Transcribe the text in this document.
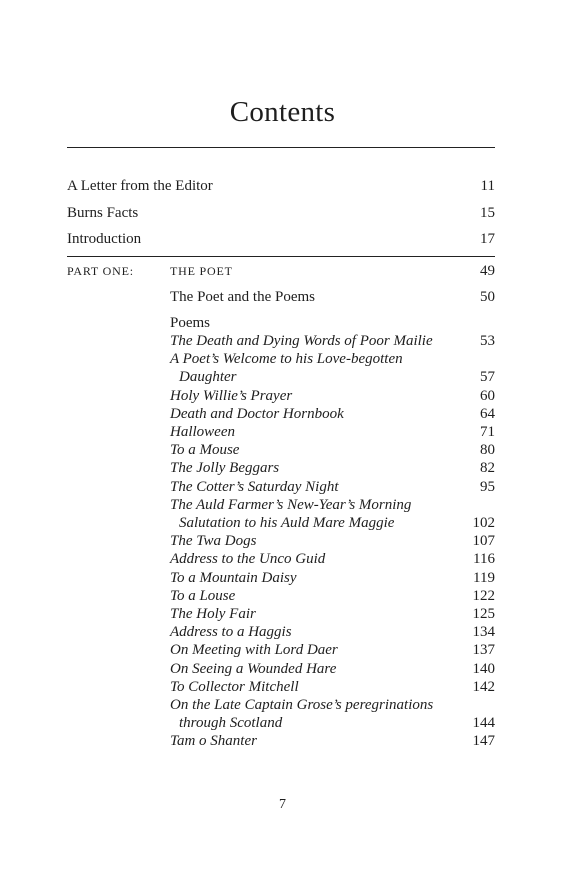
Contents
A Letter from the Editor	11
Burns Facts	15
Introduction	17
PART ONE:	THE POET	49
The Poet and the Poems	50
Poems
The Death and Dying Words of Poor Mailie	53
A Poet’s Welcome to his Love-begotten
Daughter	57
Holy Willie’s Prayer	60
Death and Doctor Hornbook	64
Halloween	71
To a Mouse	80
The Jolly Beggars	82
The Cotter’s Saturday Night	95
The Auld Farmer’s New-Year’s Morning
Salutation to his Auld Mare Maggie	102
The Twa Dogs	107
Address to the Unco Guid	116
To a Mountain Daisy	119
To a Louse	122
The Holy Fair	125
Address to a Haggis	134
On Meeting with Lord Daer	137
On Seeing a Wounded Hare	140
To Collector Mitchell	142
On the Late Captain Grose’s peregrinations
through Scotland	144
Tam o Shanter	147
7
